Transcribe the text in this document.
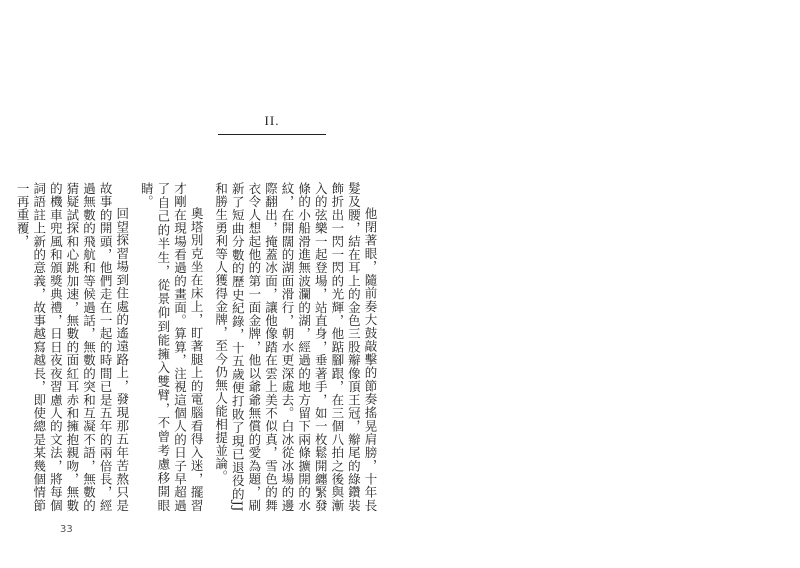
II.

他閉著眼，隨前奏大鼓敲擊的節奏搖晃肩膀，十年長髮及腰，結在耳上的金色三股辮像頂王冠，辮尾的綠鑽裝飾折出一閃一閃的光輝，他踮腳跟，在三個八拍之後與漸入的弦樂一起登場，站直身，垂著手，如一枚鬆開纏緊發條的小船滑進無波瀾的湖，經過的地方留下兩條擴開的水紋，在開闊的湖面滑行，朝水更深處去。白冰從冰場的邊際翻出，掩蓋冰面，讓他像踏在雲上美不似真，雪色的舞衣令人想起他的第一面金牌，他以爺爺無償的愛為題，刷新了短曲分數的歷史紀錄，十五歲便打敗了現已退役的JJ和勝生勇利等人獲得金牌，至今仍無人能相提並論。

奧塔別克坐在床上，盯著腿上的電腦看得入迷，擺習才剛在現場看過的畫面。算算，注視這個人的日子早超過了自己的半生，從景仰到能擁入雙臂，不曾考慮移開眼睛。

回望探習場到住處的遙遠路上，發現那五年苦熬只是故事的開頭，他們走在一起的時間已是五年的兩倍長，經過無數的飛航和等候過話，無數的突和互凝不語，無數的猜疑試探和心跳加速，無數的面紅耳赤和擁抱親吻，無數的機車兜風和頒獎典禮，日日夜夜習慮人的文法，將每個詞語註上新的意義，故事越寫越長，即使總是某幾個情節一再重覆，

33
